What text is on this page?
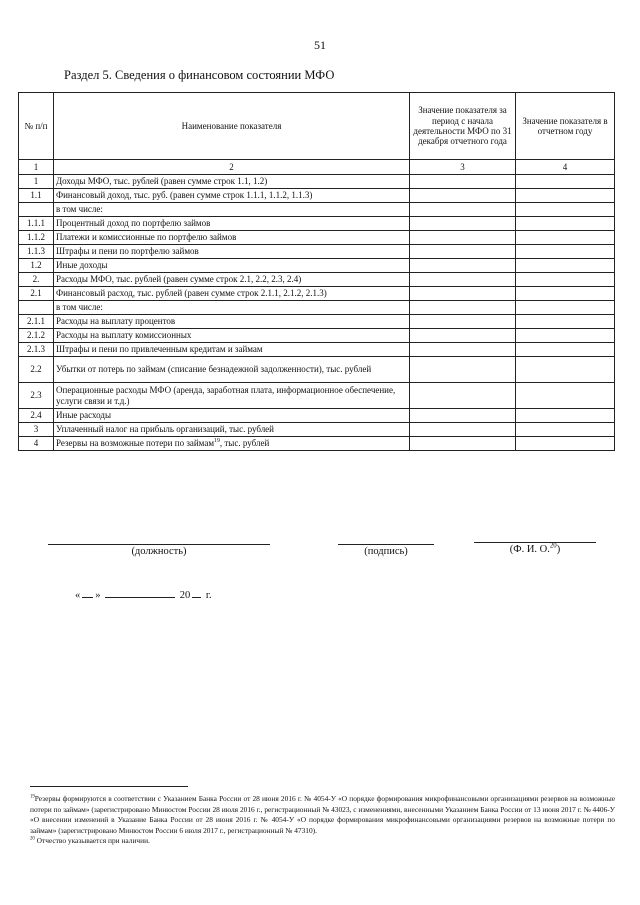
51
Раздел 5. Сведения о финансовом состоянии МФО
№ п/п	Наименование показателя	Значение показателя за период с начала деятельности МФО по 31 декабря отчетного года	Значение показателя в отчетном году
1	2	3	4
1	Доходы МФО, тыс. рублей (равен сумме строк 1.1, 1.2)		
1.1	Финансовый доход, тыс. руб. (равен сумме строк 1.1.1, 1.1.2, 1.1.3)		
	в том числе:		
1.1.1	Процентный доход по портфелю займов		
1.1.2	Платежи и комиссионные по портфелю займов		
1.1.3	Штрафы и пени по портфелю займов		
1.2	Иные доходы		
2.	Расходы МФО, тыс. рублей (равен сумме строк 2.1, 2.2, 2.3, 2.4)		
2.1	Финансовый расход, тыс. рублей (равен сумме строк 2.1.1, 2.1.2, 2.1.3)		
	в том числе:		
2.1.1	Расходы на выплату процентов		
2.1.2	Расходы на выплату комиссионных		
2.1.3	Штрафы и пени по привлеченным кредитам и займам		
2.2	Убытки от потерь по займам (списание безнадежной задолженности), тыс. рублей		
2.3	Операционные расходы МФО (аренда, заработная плата, информационное обеспечение, услуги связи и т.д.)		
2.4	Иные расходы		
3	Уплаченный налог на прибыль организаций, тыс. рублей		
4	Резервы на возможные потери по займам$^{19}$, тыс. рублей		
(должность)	(подпись)	(Ф. И. О.$^{20}$)
« »	20 г.

$^{19}$Резервы формируются в соответствии с Указанием Банка России от 28 июня 2016 г. № 4054-У «О порядке формирования микрофинансовыми организациями резервов на возможные потери по займам» (зарегистрировано Минюстом России 28 июля 2016 г., регистрационный № 43023, с изменениями, внесенными Указанием Банка России от 13 июня 2017 г. № 4406-У «О внесении изменений в Указание Банка России от 28 июня 2016 г. № 4054-У «О порядке формирования микрофинансовыми организациями резервов на возможные потери по займам» (зарегистрировано Минюстом России 6 июля 2017 г., регистрационный № 47310).

$^{20}$ Отчество указывается при наличии.
